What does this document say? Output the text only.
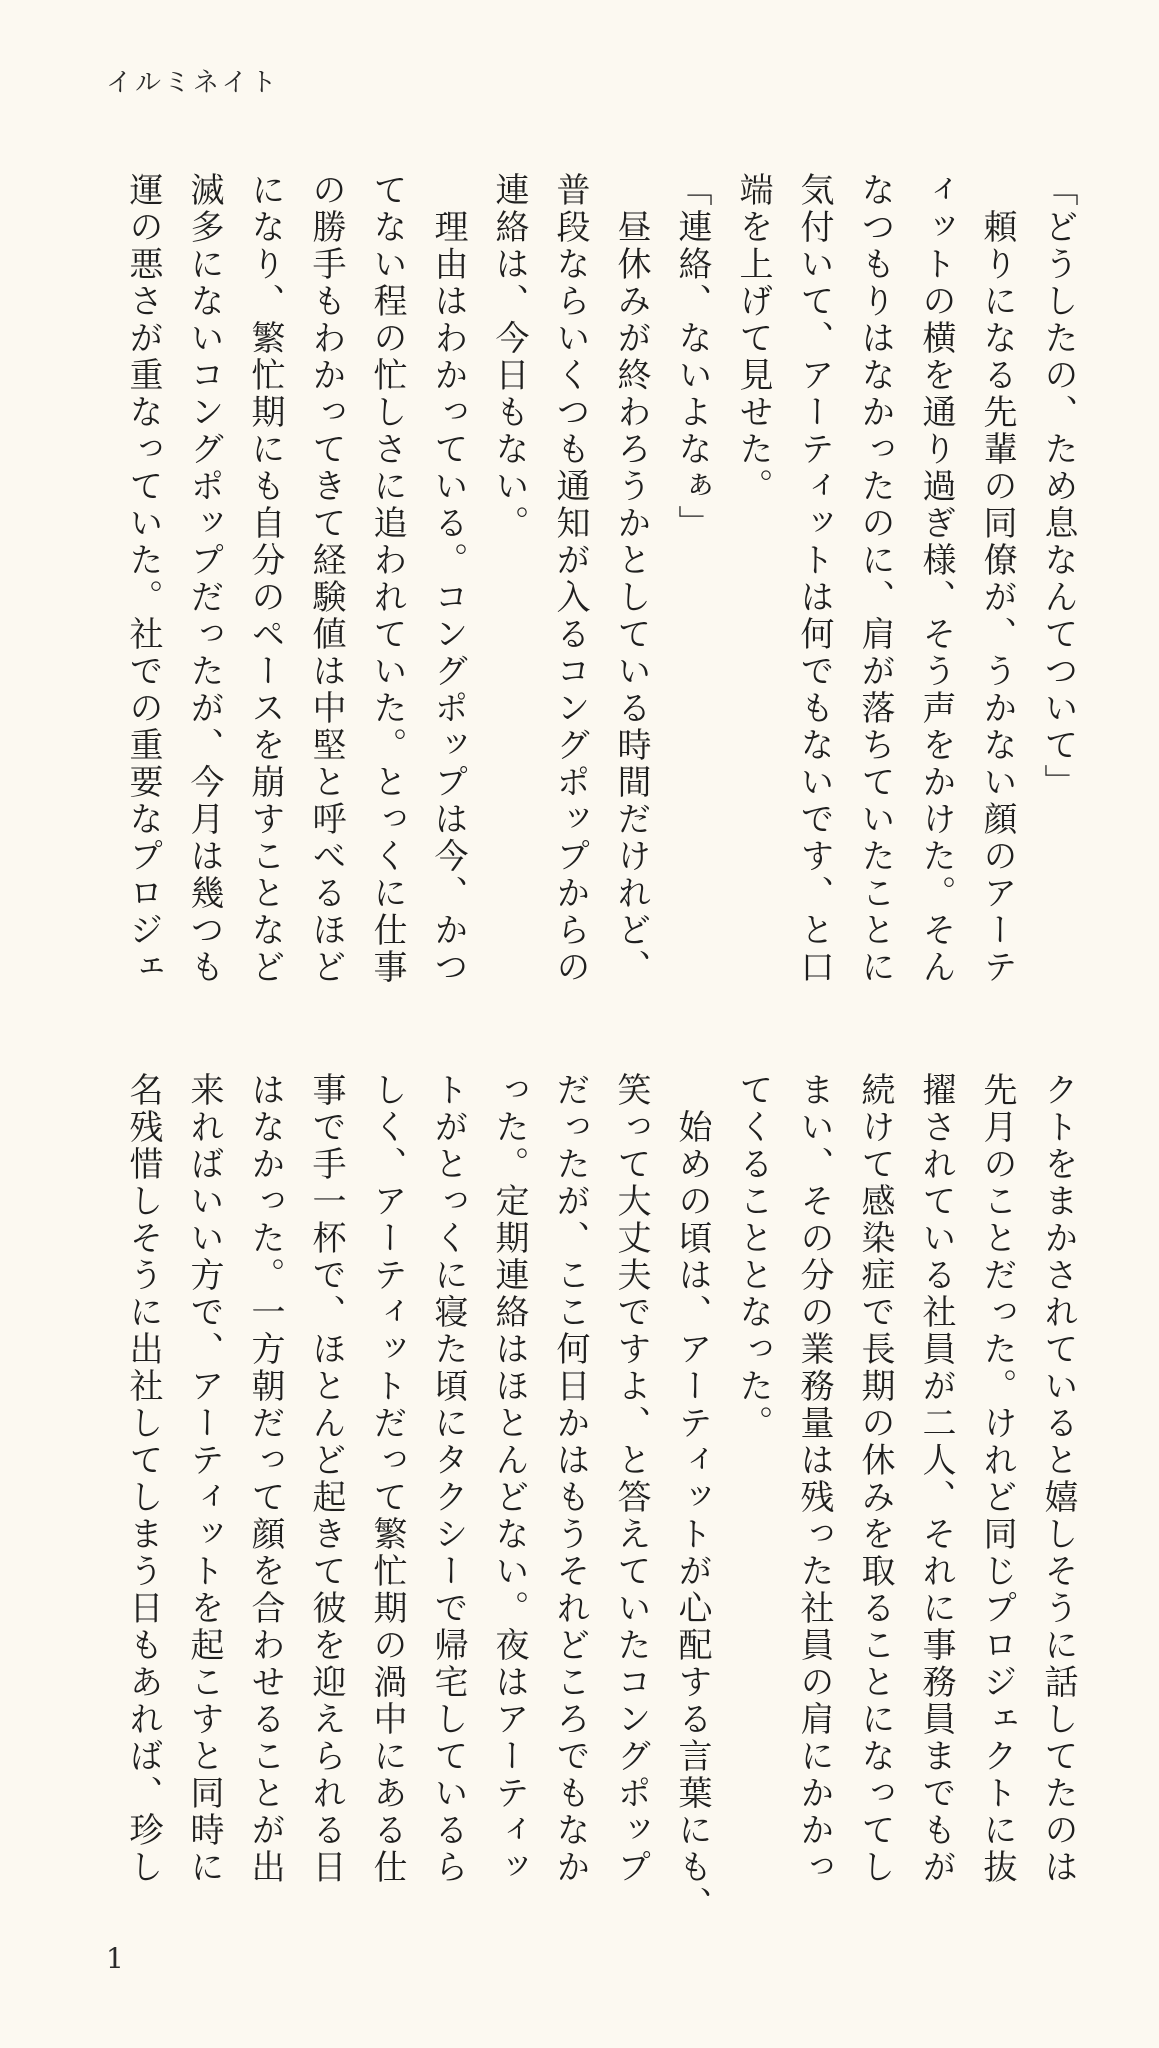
イルミネイト
「どうしたの、ため息なんてついて」
　頼りになる先輩の同僚が、うかない顔のアーテ
ィットの横を通り過ぎ様、そう声をかけた。そん
なつもりはなかったのに、肩が落ちていたことに
気付いて、アーティットは何でもないです、と口
端を上げて見せた。
「連絡、ないよなぁ」
　昼休みが終わろうかとしている時間だけれど、
普段ならいくつも通知が入るコングポップからの
連絡は、今日もない。
　理由はわかっている。コングポップは今、かつ
てない程の忙しさに追われていた。とっくに仕事
の勝手もわかってきて経験値は中堅と呼べるほど
になり、繁忙期にも自分のペースを崩すことなど
滅多にないコングポップだったが、今月は幾つも
運の悪さが重なっていた。社での重要なプロジェ
クトをまかされていると嬉しそうに話してたのは
先月のことだった。けれど同じプロジェクトに抜
擢されている社員が二人、それに事務員までもが
続けて感染症で長期の休みを取ることになってし
まい、その分の業務量は残った社員の肩にかかっ
てくることとなった。
　始めの頃は、アーティットが心配する言葉にも、
笑って大丈夫ですよ、と答えていたコングポップ
だったが、ここ何日かはもうそれどころでもなか
った。定期連絡はほとんどない。夜はアーティッ
トがとっくに寝た頃にタクシーで帰宅しているら
しく、アーティットだって繁忙期の渦中にある仕
事で手一杯で、ほとんど起きて彼を迎えられる日
はなかった。一方朝だって顔を合わせることが出
来ればいい方で、アーティットを起こすと同時に
名残惜しそうに出社してしまう日もあれば、珍し
1
